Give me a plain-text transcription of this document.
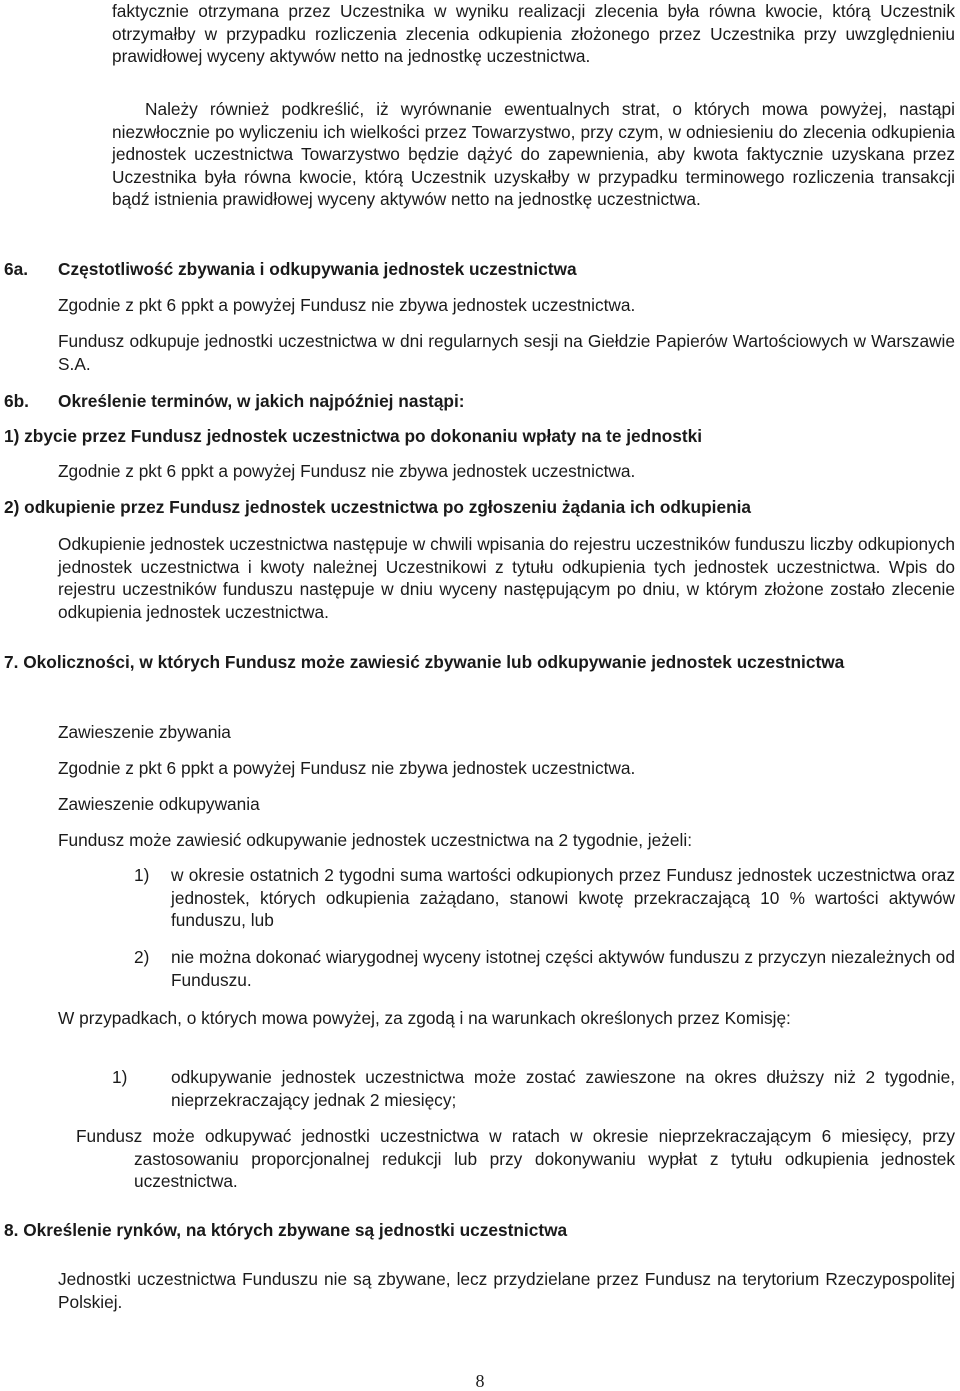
faktycznie otrzymana przez Uczestnika w wyniku realizacji zlecenia była równa kwocie, którą Uczestnik otrzymałby w przypadku rozliczenia zlecenia odkupienia złożonego przez Uczestnika przy uwzględnieniu prawidłowej wyceny aktywów netto na jednostkę uczestnictwa.

Należy również podkreślić, iż wyrównanie ewentualnych strat, o których mowa powyżej, nastąpi niezwłocznie po wyliczeniu ich wielkości przez Towarzystwo, przy czym, w odniesieniu do zlecenia odkupienia jednostek uczestnictwa Towarzystwo będzie dążyć do zapewnienia, aby kwota faktycznie uzyskana przez Uczestnika była równa kwocie, którą Uczestnik uzyskałby w przypadku terminowego rozliczenia transakcji bądź istnienia prawidłowej wyceny aktywów netto na jednostkę uczestnictwa.

6a.	Częstotliwość zbywania i odkupywania jednostek uczestnictwa

Zgodnie z pkt 6 ppkt a powyżej Fundusz nie zbywa jednostek uczestnictwa.

Fundusz odkupuje jednostki uczestnictwa w dni regularnych sesji na Giełdzie Papierów Wartościowych w Warszawie S.A.

6b.	Określenie terminów, w jakich najpóźniej nastąpi:

1) zbycie przez Fundusz jednostek uczestnictwa po dokonaniu wpłaty na te jednostki

Zgodnie z pkt 6 ppkt a powyżej Fundusz nie zbywa jednostek uczestnictwa.

2) odkupienie przez Fundusz jednostek uczestnictwa po zgłoszeniu żądania ich odkupienia

Odkupienie jednostek uczestnictwa następuje w chwili wpisania do rejestru uczestników funduszu liczby odkupionych jednostek uczestnictwa i kwoty należnej Uczestnikowi z tytułu odkupienia tych jednostek uczestnictwa. Wpis do rejestru uczestników funduszu następuje w dniu wyceny następującym po dniu, w którym złożone zostało zlecenie odkupienia jednostek uczestnictwa.

7. Okoliczności, w których Fundusz może zawiesić zbywanie lub odkupywanie jednostek uczestnictwa

Zawieszenie zbywania

Zgodnie z pkt 6 ppkt a powyżej Fundusz nie zbywa jednostek uczestnictwa.

Zawieszenie odkupywania

Fundusz może zawiesić odkupywanie jednostek uczestnictwa na 2 tygodnie, jeżeli:

1)	w okresie ostatnich 2 tygodni suma wartości odkupionych przez Fundusz jednostek uczestnictwa oraz jednostek, których odkupienia zażądano, stanowi kwotę przekraczającą 10 % wartości aktywów funduszu, lub
2)	nie można dokonać wiarygodnej wyceny istotnej części aktywów funduszu z przyczyn niezależnych od Funduszu.

W przypadkach, o których mowa powyżej, za zgodą i na warunkach określonych przez Komisję:

1)	odkupywanie jednostek uczestnictwa może zostać zawieszone na okres dłuższy niż 2 tygodnie, nieprzekraczający jednak 2 miesięcy;

Fundusz może odkupywać jednostki uczestnictwa w ratach w okresie nieprzekraczającym 6 miesięcy, przy zastosowaniu proporcjonalnej redukcji lub przy dokonywaniu wypłat z tytułu odkupienia jednostek uczestnictwa.

8. Określenie rynków, na których zbywane są jednostki uczestnictwa

Jednostki uczestnictwa Funduszu nie są zbywane, lecz przydzielane przez Fundusz na terytorium Rzeczypospolitej Polskiej.

8
